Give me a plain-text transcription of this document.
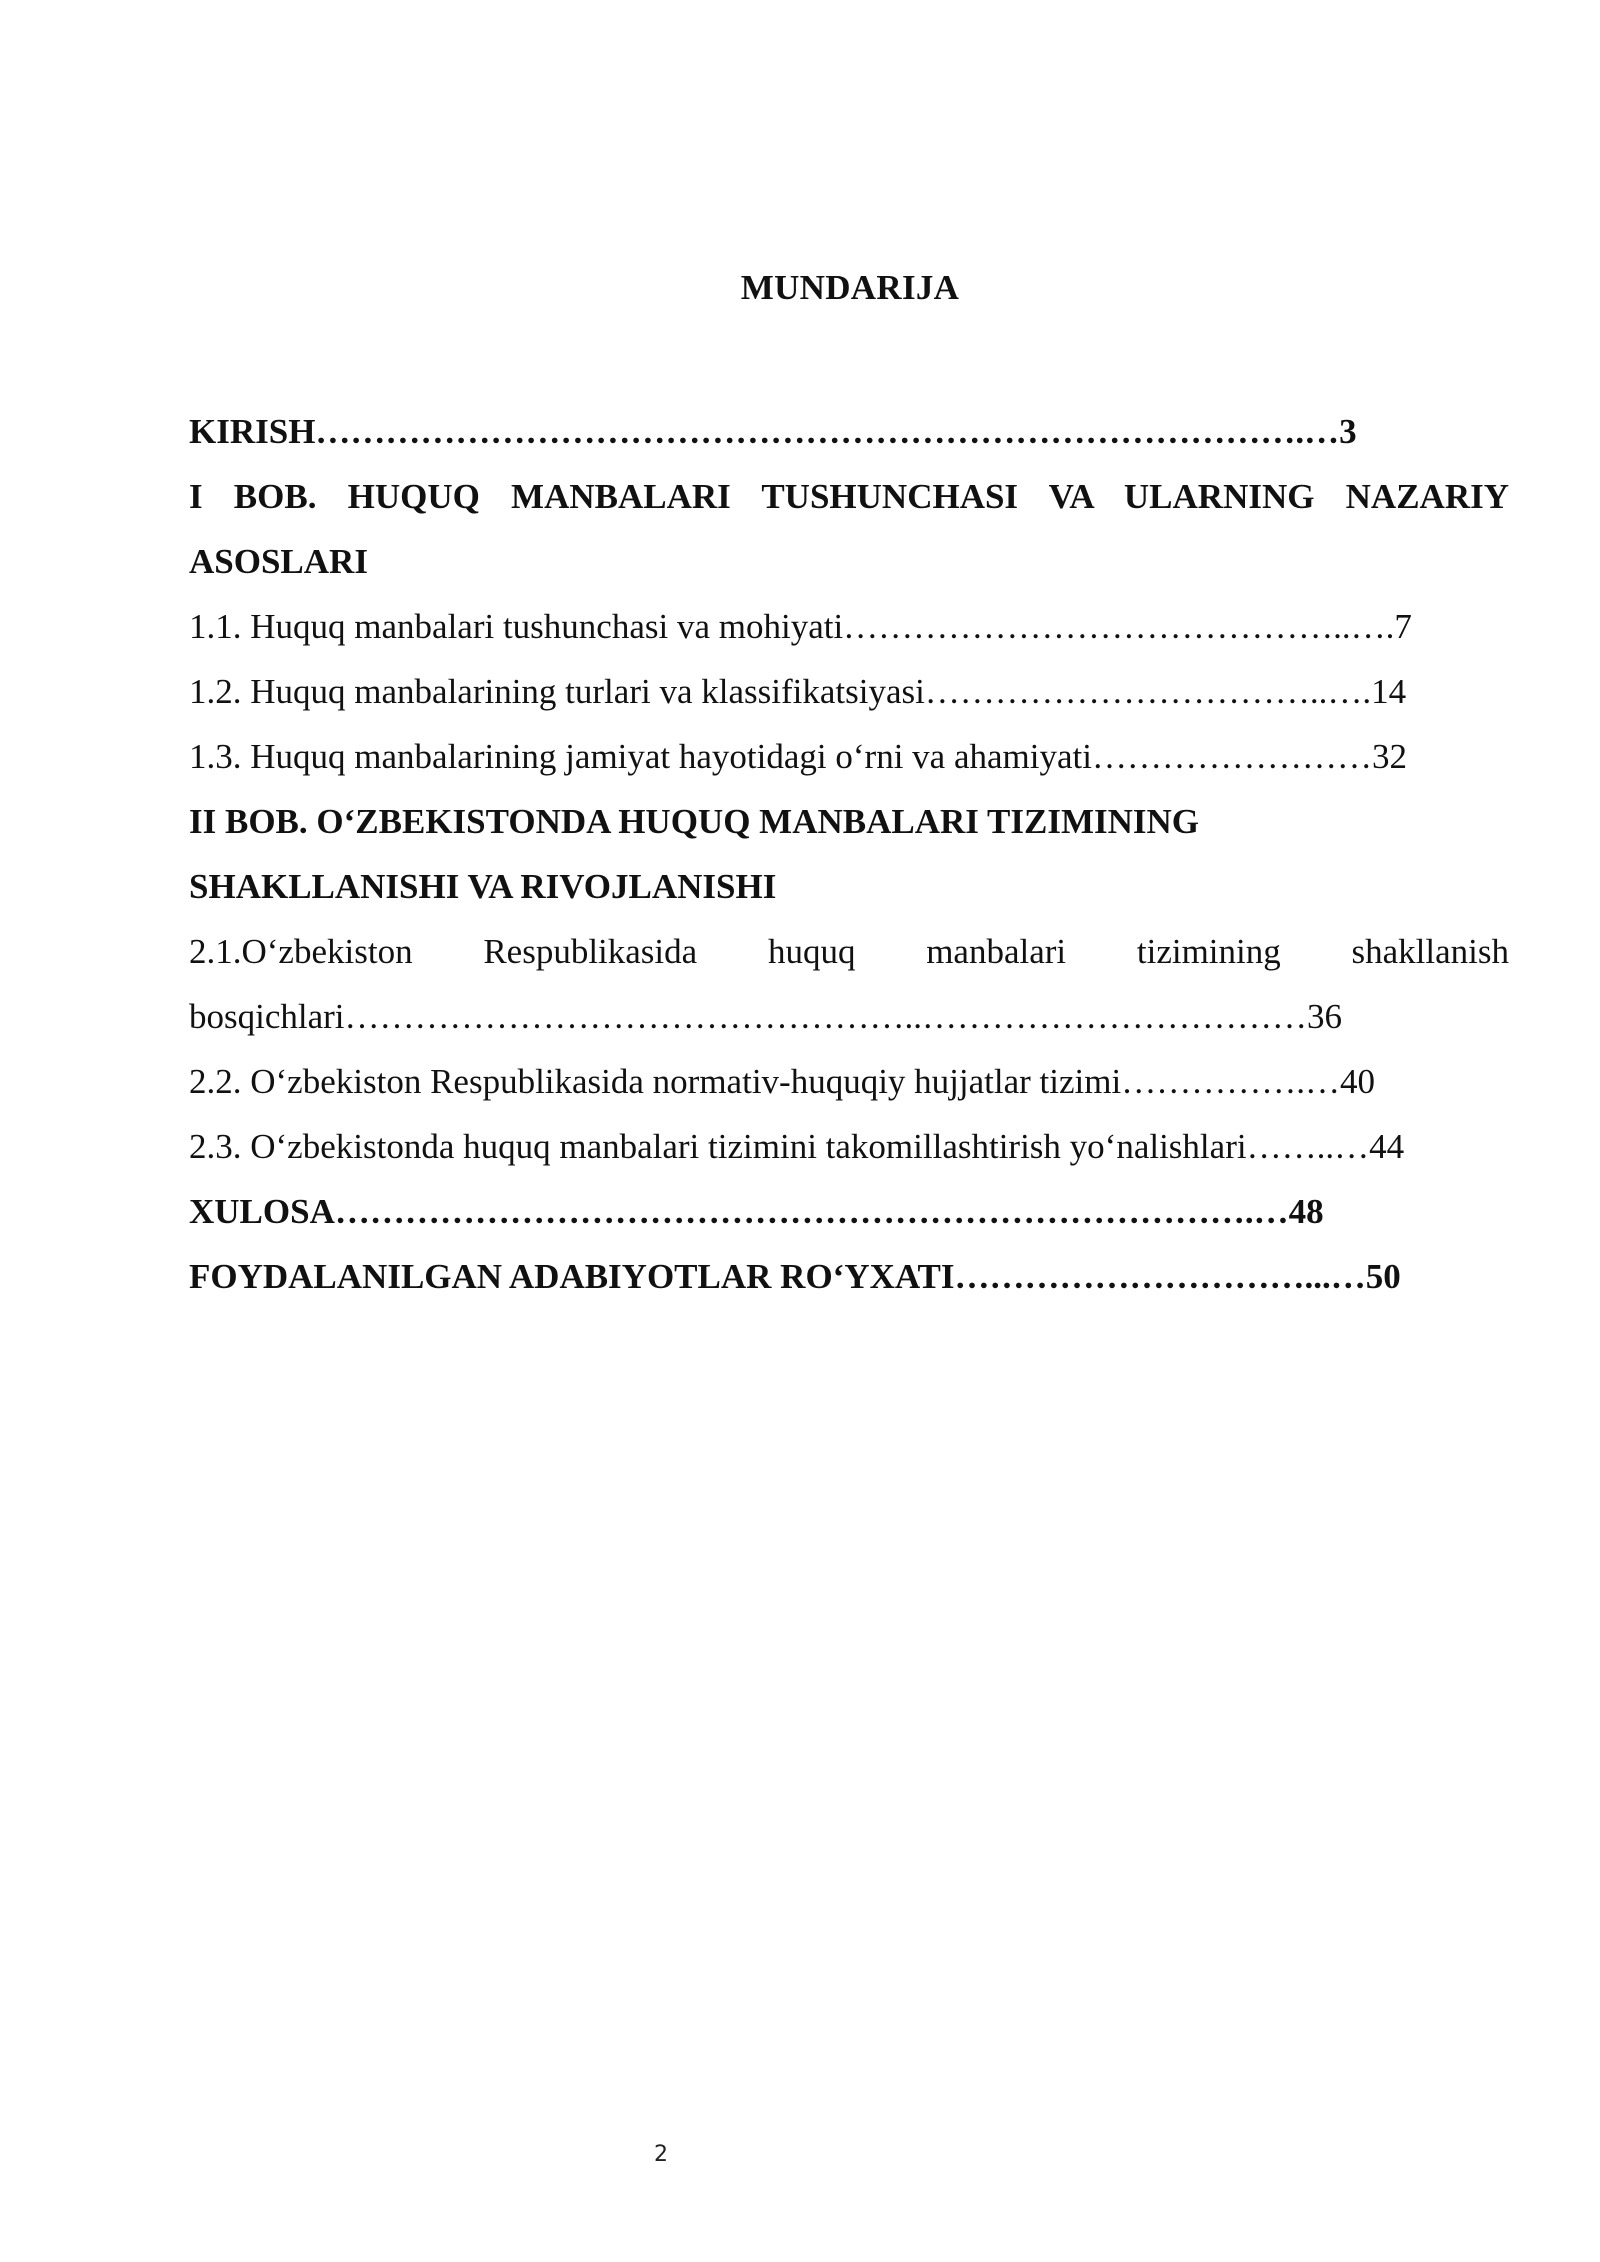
MUNDARIJA
KIRISH………………………………………………………………………….…3
I BOB. HUQUQ MANBALARI TUSHUNCHASI VA ULARNING NAZARIY
ASOSLARI
1.1. Huquq manbalari tushunchasi va mohiyati……………………………………..….7
1.2. Huquq manbalarining turlari va klassifikatsiyasi……………………………..….14
1.3. Huquq manbalarining jamiyat hayotidagi o‘rni va ahamiyati……………………32
II BOB. O‘ZBEKISTONDA HUQUQ MANBALARI TIZIMINING
SHAKLLANISHI VA RIVOJLANISHI
2.1.O‘zbekiston Respublikasida huquq manbalari tizimining shakllanish
bosqichlari…………………………………………..……………………………36
2.2. O‘zbekiston Respublikasida normativ-huquqiy hujjatlar tizimi…………….…40
2.3. O‘zbekistonda huquq manbalari tizimini takomillashtirish yo‘nalishlari……..…44
XULOSA…………………………………………………………………….…48
FOYDALANILGAN ADABIYOTLAR RO‘YXATI…………………………...…50
2
